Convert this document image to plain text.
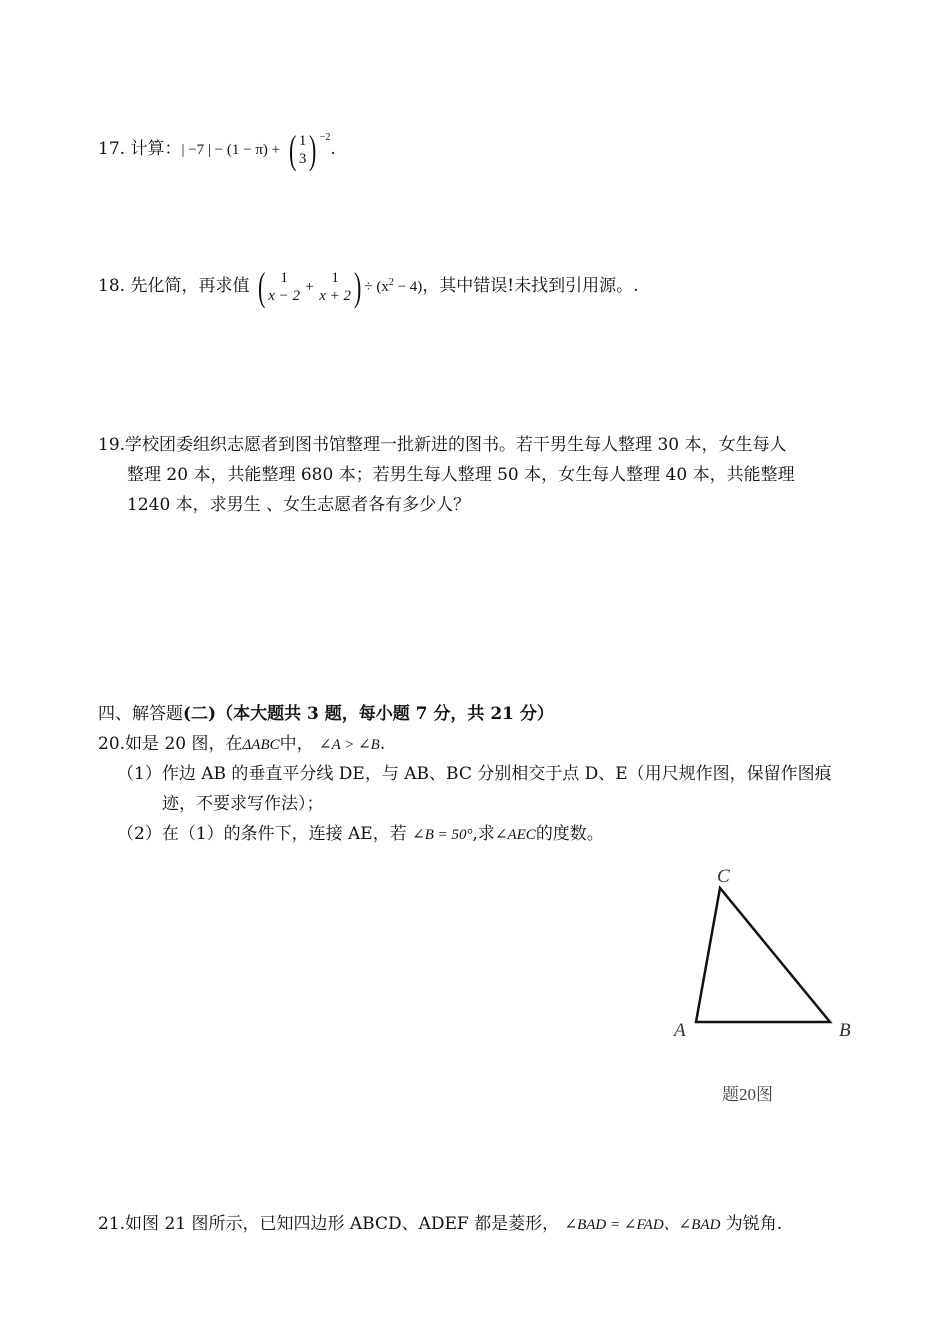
17. 计算：| −7 | − (1 − π) + ( 1
3 ) $^{-2}$.
18. 先化简，再求值 (	1
x − 2
+
1
x + 2 ) ÷ $(x^2 - 4)$，其中错误!未找到引用源。.
19.学校团委组织志愿者到图书馆整理一批新进的图书。若干男生每人整理 30 本，女生每人
整理 20 本，共能整理 680 本；若男生每人整理 50 本，女生每人整理 40 本，共能整理
1240 本，求男生 、女生志愿者各有多少人？
四、解答题(二)（本大题共 3 题，每小题 7 分，共 21 分）
20.如是 20 图，在ΔABC中， ∠A > ∠B.
（1）作边 AB 的垂直平分线 DE，与 AB、BC 分别相交于点 D、E（用尺规作图，保留作图痕
迹，不要求写作法）；
（2）在（1）的条件下，连接 AE，若 ∠B = 50°,求∠AEC的度数。
A	B
C
题20图
21.如图 21 图所示，已知四边形 ABCD、ADEF 都是菱形， ∠BAD = ∠FAD、∠BAD 为锐角.
